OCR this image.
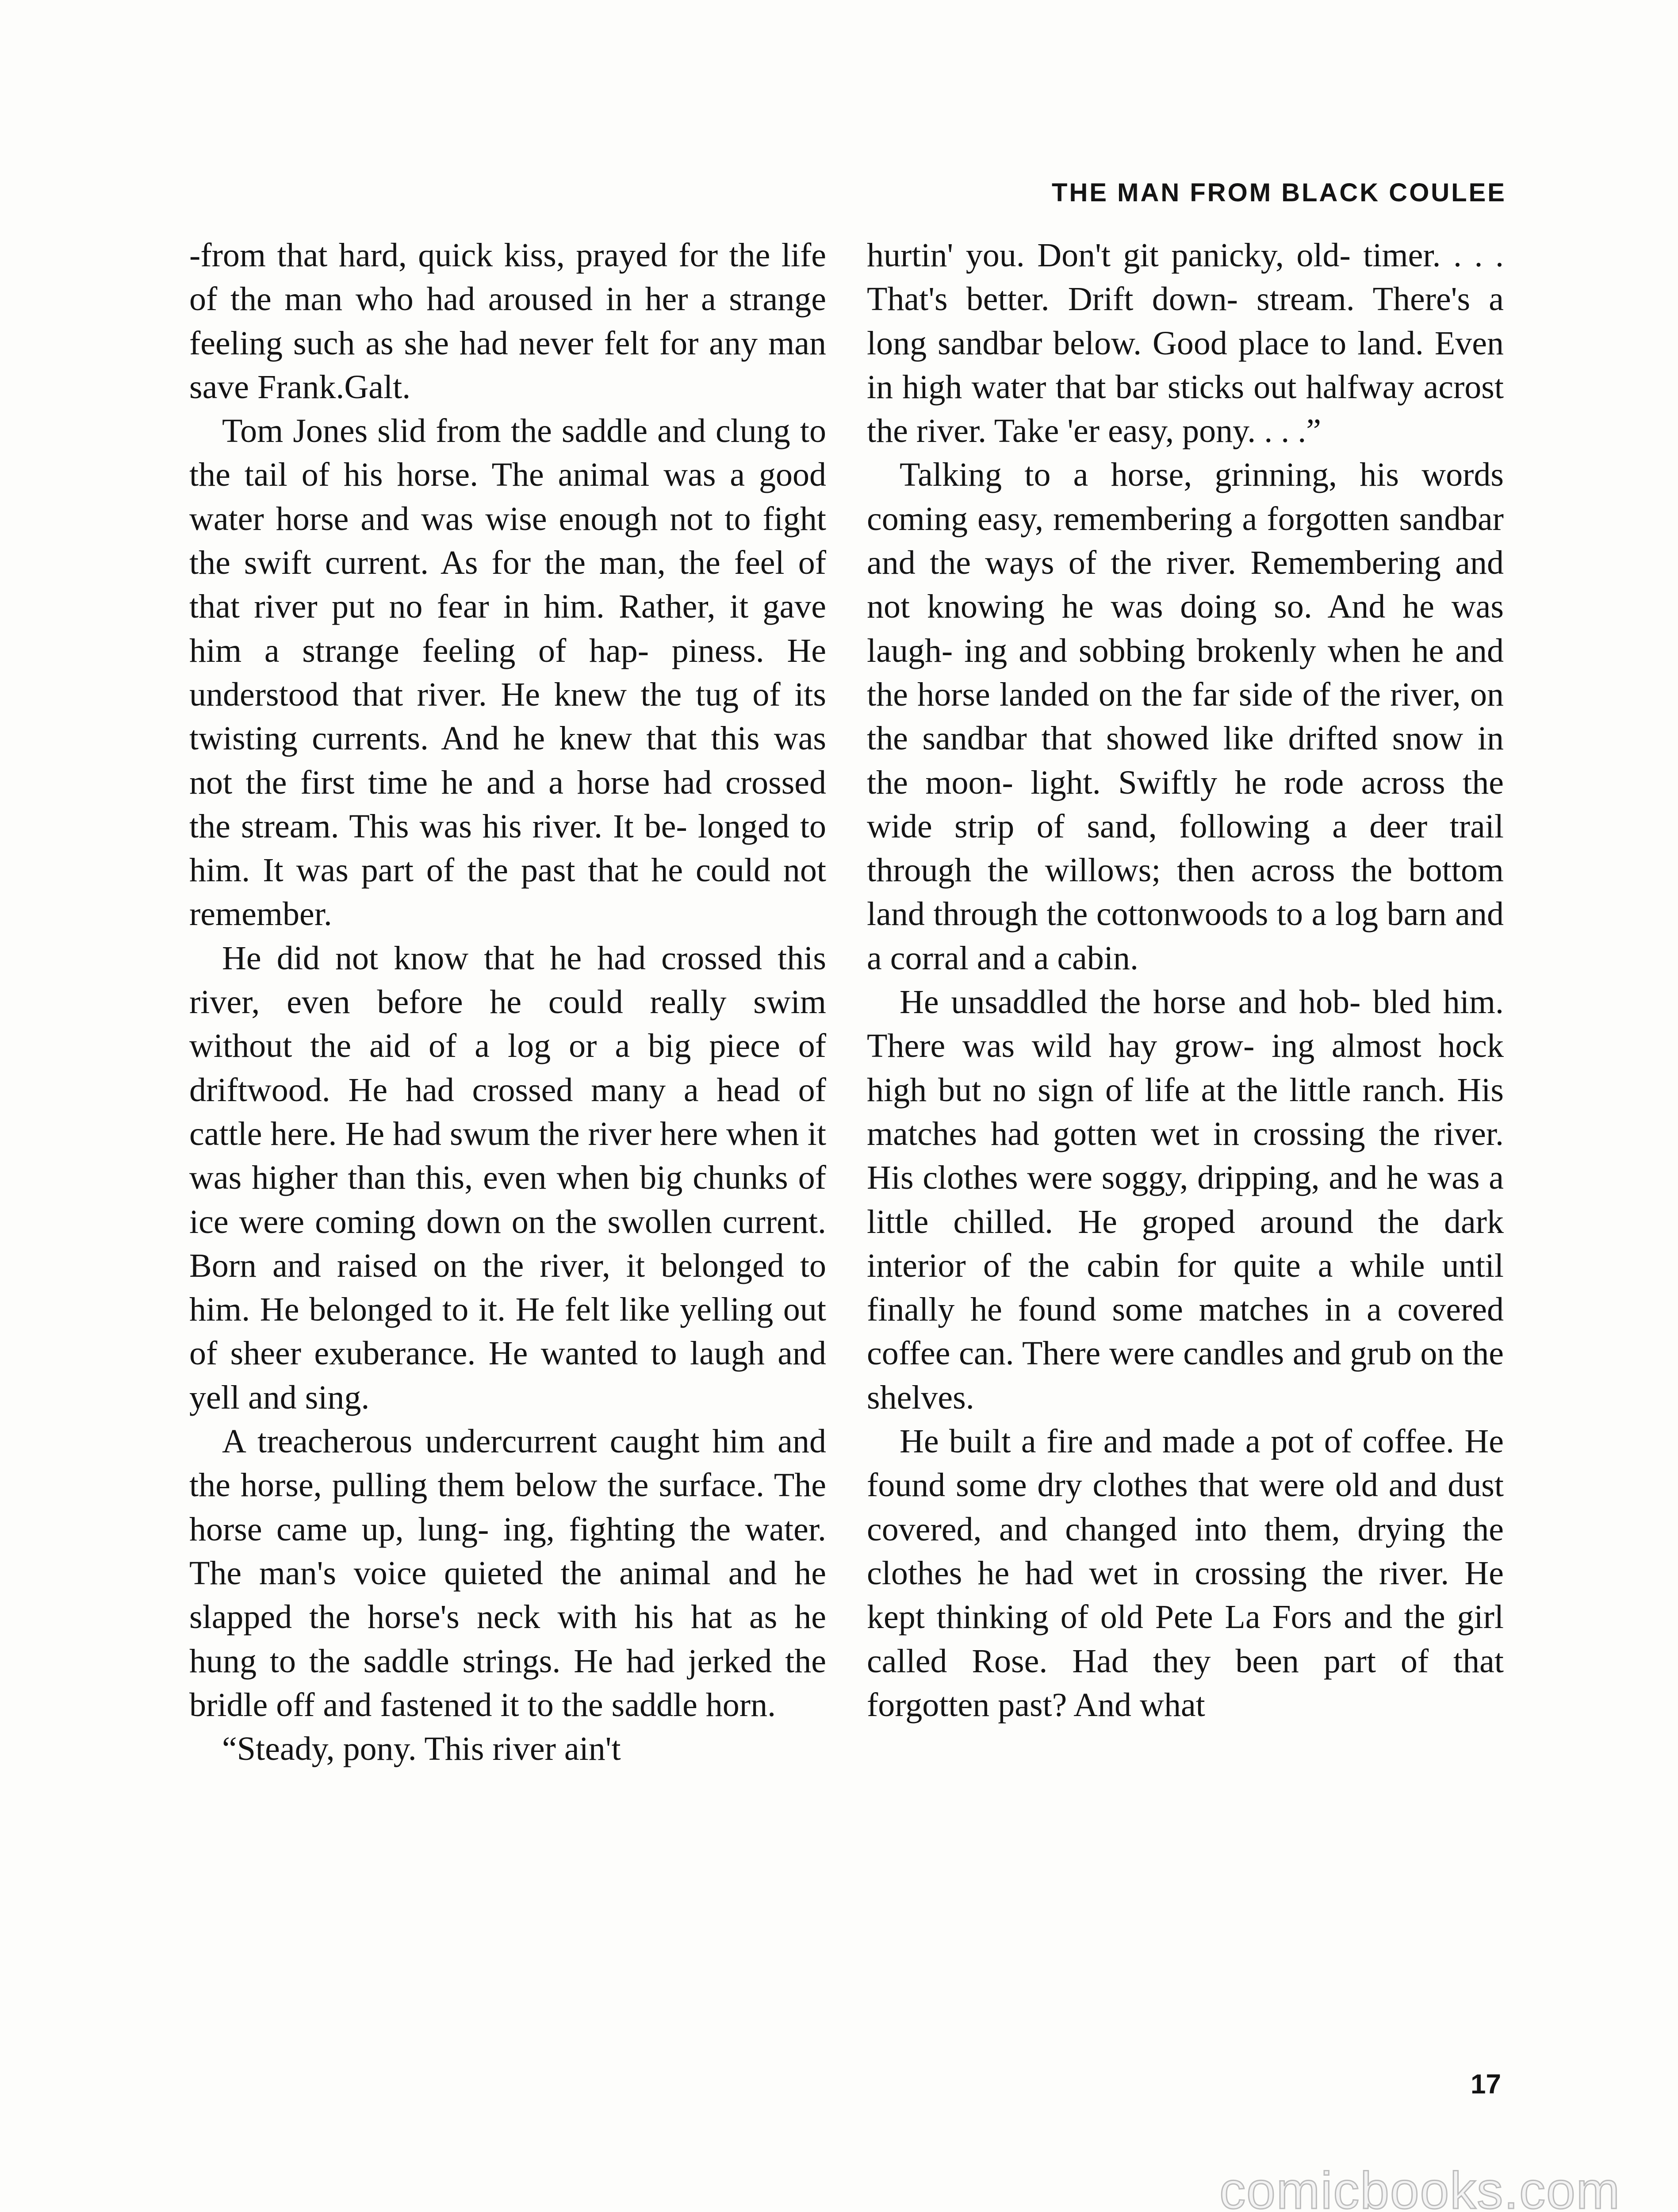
THE MAN FROM BLACK COULEE

-from that hard, quick kiss, prayed for the life of the man who had aroused in her a strange feeling such as she had never felt for any man save Frank.Galt.

Tom Jones slid from the saddle and clung to the tail of his horse. The animal was a good water horse and was wise enough not to fight the swift current. As for the man, the feel of that river put no fear in him. Rather, it gave him a strange feeling of hap- piness. He understood that river. He knew the tug of its twisting currents. And he knew that this was not the first time he and a horse had crossed the stream. This was his river. It be- longed to him. It was part of the past that he could not remember.

He did not know that he had crossed this river, even before he could really swim without the aid of a log or a big piece of driftwood. He had crossed many a head of cattle here. He had swum the river here when it was higher than this, even when big chunks of ice were coming down on the swollen current. Born and raised on the river, it belonged to him. He belonged to it. He felt like yelling out of sheer exuberance. He wanted to laugh and yell and sing.

A treacherous undercurrent caught him and the horse, pulling them below the surface. The horse came up, lung- ing, fighting the water. The man's voice quieted the animal and he slapped the horse's neck with his hat as he hung to the saddle strings. He had jerked the bridle off and fastened it to the saddle horn.

“Steady, pony. This river ain't

hurtin' you. Don't git panicky, old- timer. . . . That's better. Drift down- stream. There's a long sandbar below. Good place to land. Even in high water that bar sticks out halfway acrost the river. Take 'er easy, pony. . . .”

Talking to a horse, grinning, his words coming easy, remembering a forgotten sandbar and the ways of the river. Remembering and not knowing he was doing so. And he was laugh- ing and sobbing brokenly when he and the horse landed on the far side of the river, on the sandbar that showed like drifted snow in the moon- light. Swiftly he rode across the wide strip of sand, following a deer trail through the willows; then across the bottom land through the cottonwoods to a log barn and a corral and a cabin.

He unsaddled the horse and hob- bled him. There was wild hay grow- ing almost hock high but no sign of life at the little ranch. His matches had gotten wet in crossing the river. His clothes were soggy, dripping, and he was a little chilled. He groped around the dark interior of the cabin for quite a while until finally he found some matches in a covered coffee can. There were candles and grub on the shelves.

He built a fire and made a pot of coffee. He found some dry clothes that were old and dust covered, and changed into them, drying the clothes he had wet in crossing the river. He kept thinking of old Pete La Fors and the girl called Rose. Had they been part of that forgotten past? And what

17
comicbooks.com
